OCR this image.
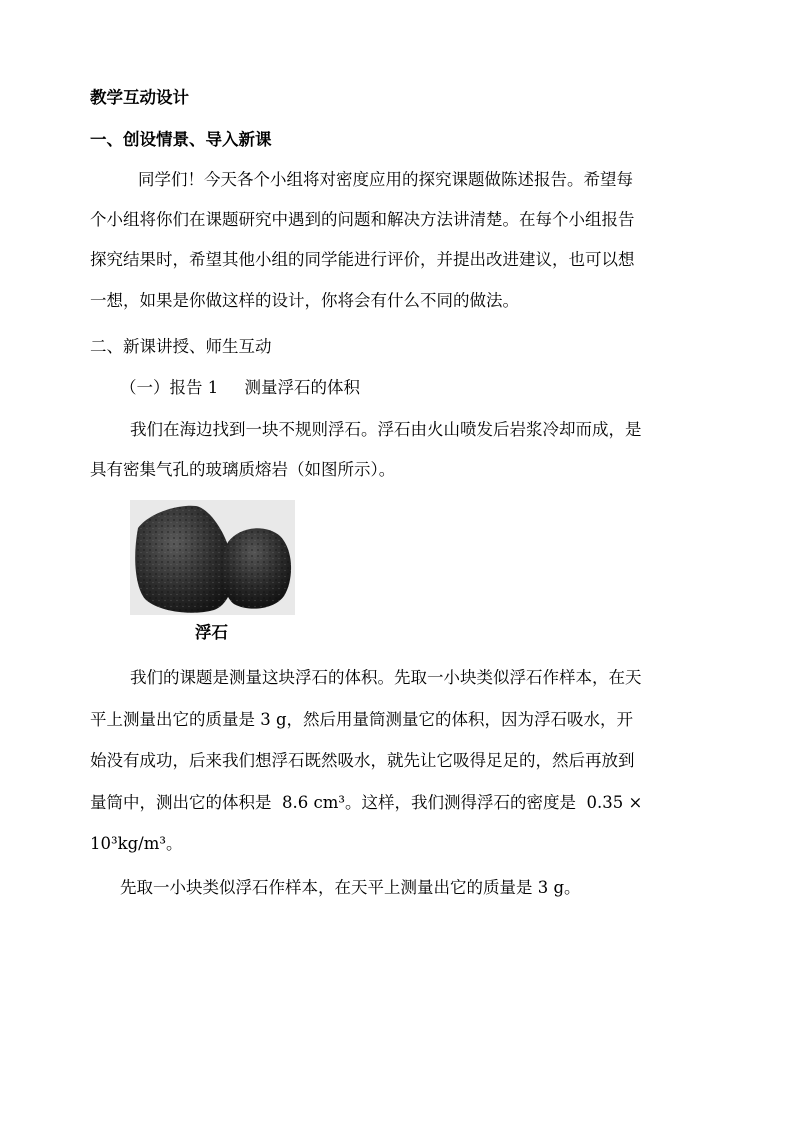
教学互动设计
一、创设情景、导入新课
同学们！今天各个小组将对密度应用的探究课题做陈述报告。希望每
个小组将你们在课题研究中遇到的问题和解决方法讲清楚。在每个小组报告
探究结果时，希望其他小组的同学能进行评价，并提出改进建议，也可以想
一想，如果是你做这样的设计，你将会有什么不同的做法。
二、新课讲授、师生互动
（一）报告 1     测量浮石的体积
我们在海边找到一块不规则浮石。浮石由火山喷发后岩浆冷却而成，是
具有密集气孔的玻璃质熔岩（如图所示）。
浮石
我们的课题是测量这块浮石的体积。先取一小块类似浮石作样本，在天
平上测量出它的质量是 3 g，然后用量筒测量它的体积，因为浮石吸水，开
始没有成功，后来我们想浮石既然吸水，就先让它吸得足足的，然后再放到
量筒中，测出它的体积是  8.6 cm³。这样，我们测得浮石的密度是  0.35 ×
10³kg/m³。
先取一小块类似浮石作样本，在天平上测量出它的质量是 3 g。
